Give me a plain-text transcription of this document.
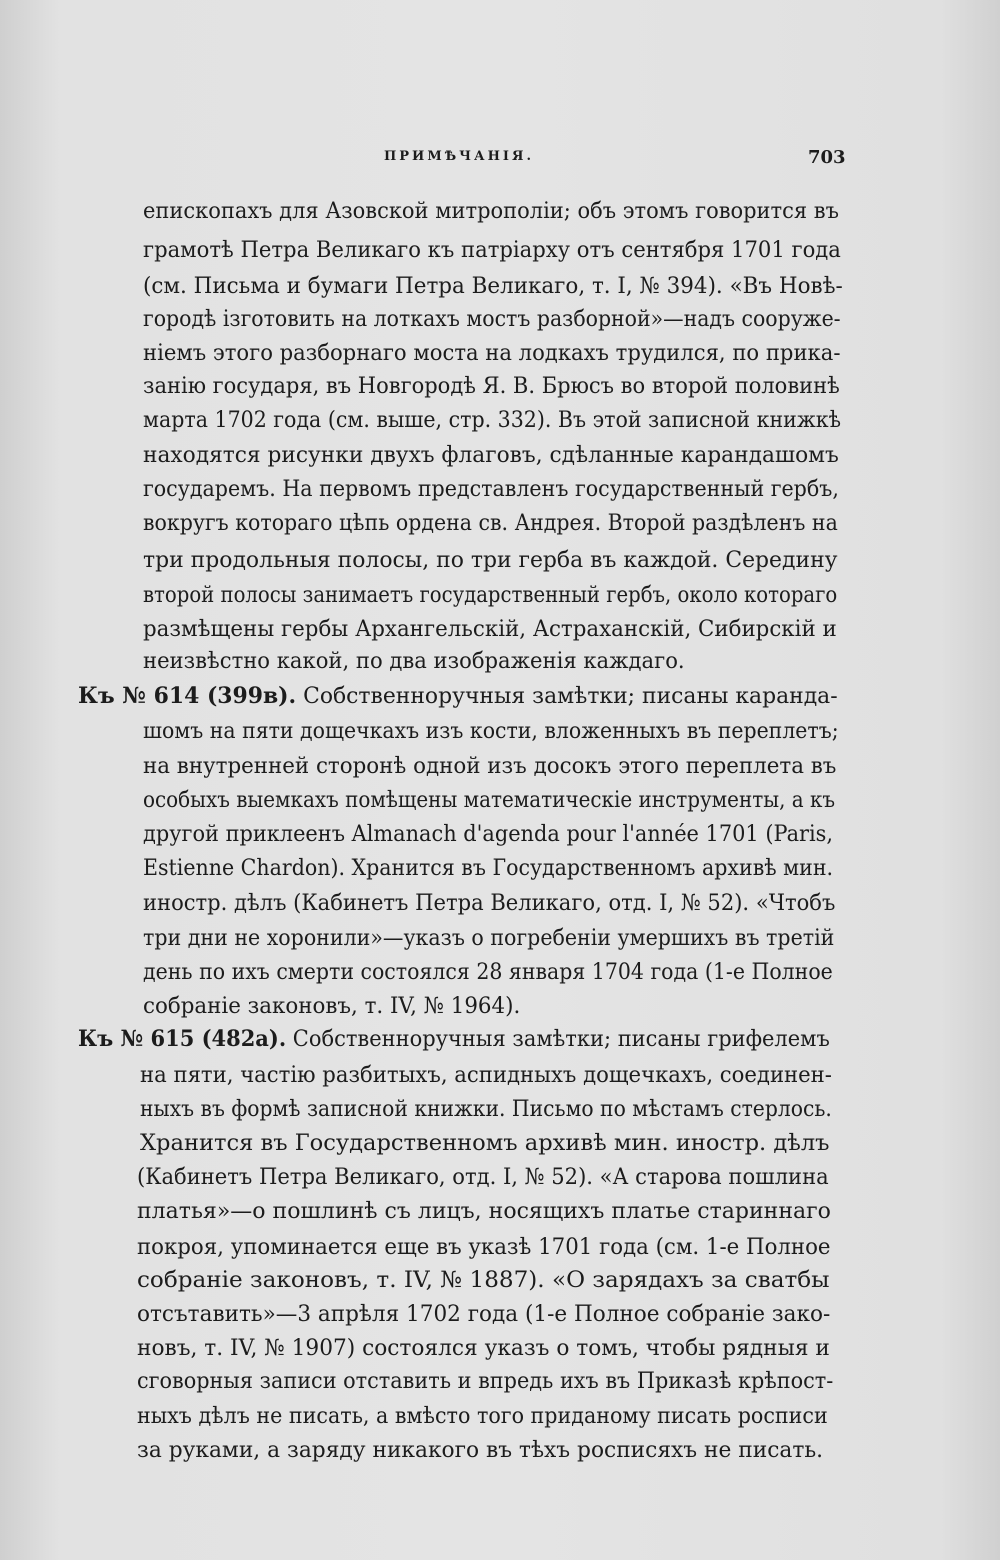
ПРИМѢЧАНІЯ.	703
епископахъ для Азовской митрополіи; объ этомъ говорится въ
грамотѣ Петра Великаго къ патріарху отъ сентября 1701 года
(см. Письма и бумаги Петра Великаго, т. I, № 394). «Въ Новѣ-
городѣ ізготовить на лоткахъ мостъ разборной»—надъ сооруже-
ніемъ этого разборнаго моста на лодкахъ трудился, по прика-
занію государя, въ Новгородѣ Я. В. Брюсъ во второй половинѣ
марта 1702 года (см. выше, стр. 332). Въ этой записной книжкѣ
находятся рисунки двухъ флаговъ, сдѣланные карандашомъ
государемъ. На первомъ представленъ государственный гербъ,
вокругъ котораго цѣпь ордена св. Андрея. Второй раздѣленъ на
три продольныя полосы, по три герба въ каждой. Середину
второй полосы занимаетъ государственный гербъ, около котораго
размѣщены гербы Архангельскій, Астраханскій, Сибирскій и
неизвѣстно какой, по два изображенія каждаго.
Къ № 614 (399в). Собственноручныя замѣтки; писаны каранда-
шомъ на пяти дощечкахъ изъ кости, вложенныхъ въ переплетъ;
на внутренней сторонѣ одной изъ досокъ этого переплета въ
особыхъ выемкахъ помѣщены математическіе инструменты, а къ
другой приклеенъ Almanach d'agenda pour l'année 1701 (Paris,
Estienne Chardon). Хранится въ Государственномъ архивѣ мин.
иностр. дѣлъ (Кабинетъ Петра Великаго, отд. I, № 52). «Чтобъ
три дни не хоронили»—указъ о погребеніи умершихъ въ третій
день по ихъ смерти состоялся 28 января 1704 года (1-е Полное
собраніе законовъ, т. IV, № 1964).
Къ № 615 (482а). Собственноручныя замѣтки; писаны грифелемъ
на пяти, частію разбитыхъ, аспидныхъ дощечкахъ, соединен-
ныхъ въ формѣ записной книжки. Письмо по мѣстамъ стерлось.
Хранится въ Государственномъ архивѣ мин. иностр. дѣлъ
(Кабинетъ Петра Великаго, отд. I, № 52). «А старова пошлина
платья»—о пошлинѣ съ лицъ, носящихъ платье стариннаго
покроя, упоминается еще въ указѣ 1701 года (см. 1-е Полное
собраніе законовъ, т. IV, № 1887). «О зарядахъ за сватбы
отсътавить»—3 апрѣля 1702 года (1-е Полное собраніе зако-
новъ, т. IV, № 1907) состоялся указъ о томъ, чтобы рядныя и
сговорныя записи отставить и впредь ихъ въ Приказѣ крѣпост-
ныхъ дѣлъ не писать, а вмѣсто того приданому писать росписи
за руками, а заряду никакого въ тѣхъ росписяхъ не писать.
